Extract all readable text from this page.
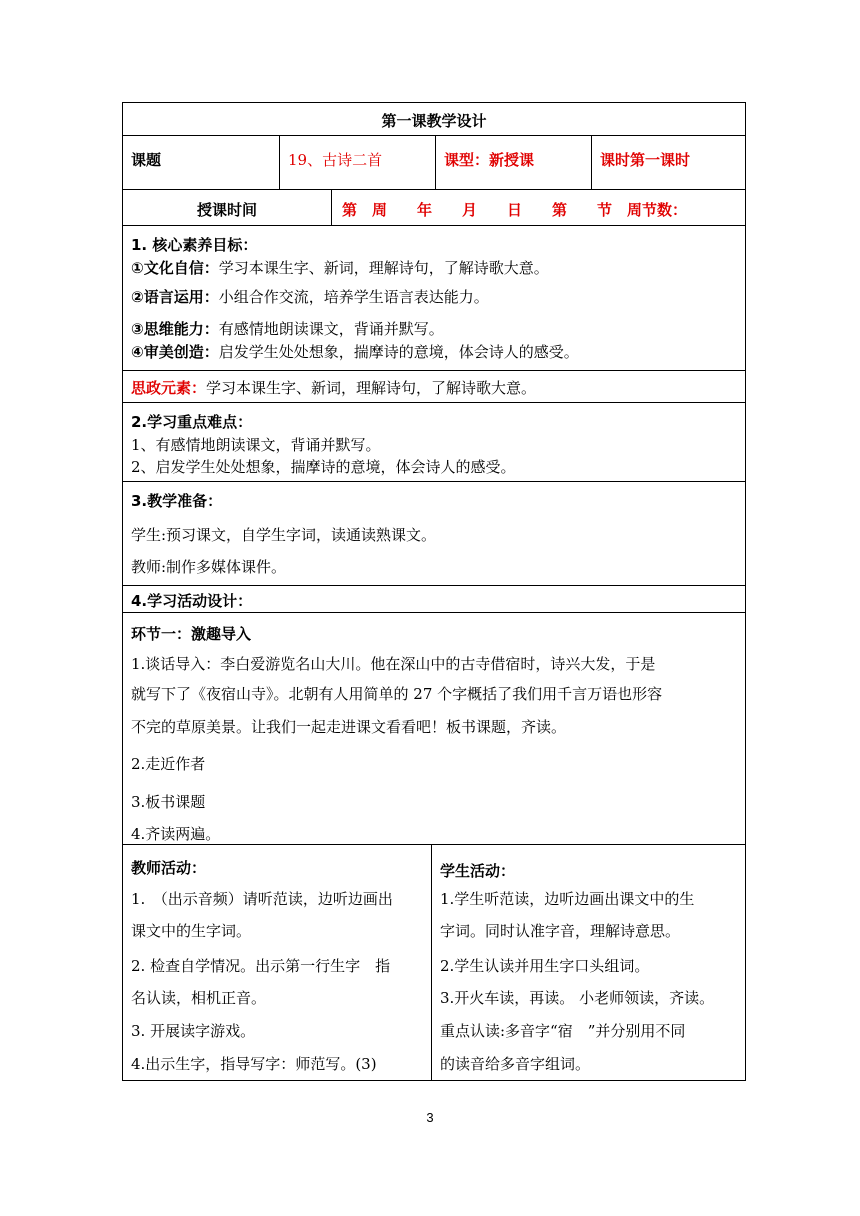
第一课教学设计
课题	19、古诗二首	课型：新授课	课时第一课时
授课时间	第　周　　年　　月　　日　　第　　节　周节数：
1. 核心素养目标：
①文化自信：学习本课生字、新词，理解诗句，了解诗歌大意。
②语言运用：小组合作交流，培养学生语言表达能力。
③思维能力：有感情地朗读课文，背诵并默写。
④审美创造：启发学生处处想象，揣摩诗的意境，体会诗人的感受。
思政元素：学习本课生字、新词，理解诗句，了解诗歌大意。
2.学习重点难点：
1、有感情地朗读课文，背诵并默写。
2、启发学生处处想象，揣摩诗的意境，体会诗人的感受。
3.教学准备：
学生:预习课文，自学生字词，读通读熟课文。
教师:制作多媒体课件。
4.学习活动设计：
环节一：激趣导入
1.谈话导入：李白爱游览名山大川。他在深山中的古寺借宿时，诗兴大发，于是
就写下了《夜宿山寺》。北朝有人用简单的 27 个字概括了我们用千言万语也形容
不完的草原美景。让我们一起走进课文看看吧！板书课题，齐读。
2.走近作者
3.板书课题
4.齐读两遍。
教师活动：
1.　（出示音频）请听范读，边听边画出
课文中的生字词。
2. 检查自学情况。出示第一行生字　指
名认读，相机正音。
3. 开展读字游戏。
4.出示生字，指导写字：师范写。(3)
学生活动：
1.学生听范读，边听边画出课文中的生
字词。同时认准字音，理解诗意思。
2.学生认读并用生字口头组词。
3.开火车读，再读。 小老师领读，齐读。
重点认读:多音字“宿　”并分别用不同
的读音给多音字组词。
3
